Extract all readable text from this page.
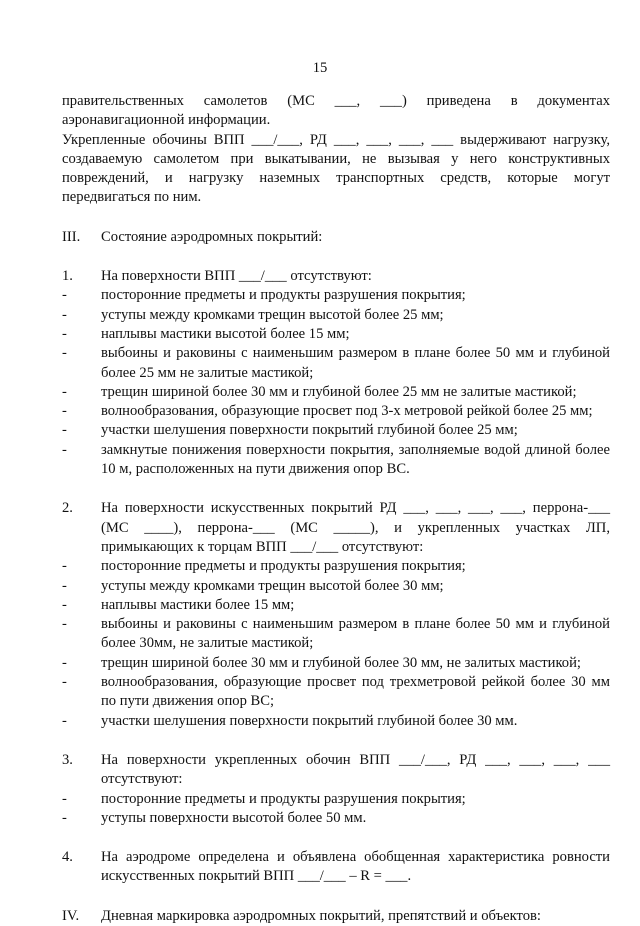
15

правительственных самолетов (МС ___, ___) приведена в документах аэронавигационной информации.

Укрепленные обочины ВПП ___/___, РД ___, ___, ___, ___ выдерживают нагрузку, создаваемую самолетом при выкатывании, не вызывая у него конструктивных повреждений, и нагрузку наземных транспортных средств, которые могут передвигаться по ним.

III.	Состояние аэродромных покрытий:
1.	На поверхности ВПП ___/___ отсутствуют:
-	посторонние предметы и продукты разрушения покрытия;
-	уступы между кромками трещин высотой более 25 мм;
-	наплывы мастики высотой более 15 мм;
-	выбоины и раковины с наименьшим размером в плане более 50 мм и глубиной более 25 мм не залитые мастикой;
-	трещин шириной более 30 мм и глубиной более 25 мм не залитые мастикой;
-	волнообразования, образующие просвет под 3-х метровой рейкой более 25 мм;
-	участки шелушения поверхности покрытий глубиной более 25 мм;
-	замкнутые понижения поверхности покрытия, заполняемые водой длиной более 10 м, расположенных на пути движения опор ВС.
2.	На поверхности искусственных покрытий РД ___, ___, ___, ___, перрона-___ (МС ____), перрона-___ (МС _____), и укрепленных участках ЛП, примыкающих к торцам ВПП ___/___ отсутствуют:
-	посторонние предметы и продукты разрушения покрытия;
-	уступы между кромками трещин высотой более 30 мм;
-	наплывы мастики более 15 мм;
-	выбоины и раковины с наименьшим размером в плане более 50 мм и глубиной более 30мм, не залитые мастикой;
-	трещин шириной более 30 мм и глубиной более 30 мм, не залитых мастикой;
-	волнообразования, образующие просвет под трехметровой рейкой более 30 мм по пути движения опор ВС;
-	участки шелушения поверхности покрытий глубиной более 30 мм.
3.	На поверхности укрепленных обочин ВПП ___/___, РД ___, ___, ___, ___ отсутствуют:
-	посторонние предметы и продукты разрушения покрытия;
-	уступы поверхности высотой более 50 мм.
4.	На аэродроме определена и объявлена обобщенная характеристика ровности искусственных покрытий ВПП ___/___ – R = ___.
IV.	Дневная маркировка аэродромных покрытий, препятствий и объектов:
